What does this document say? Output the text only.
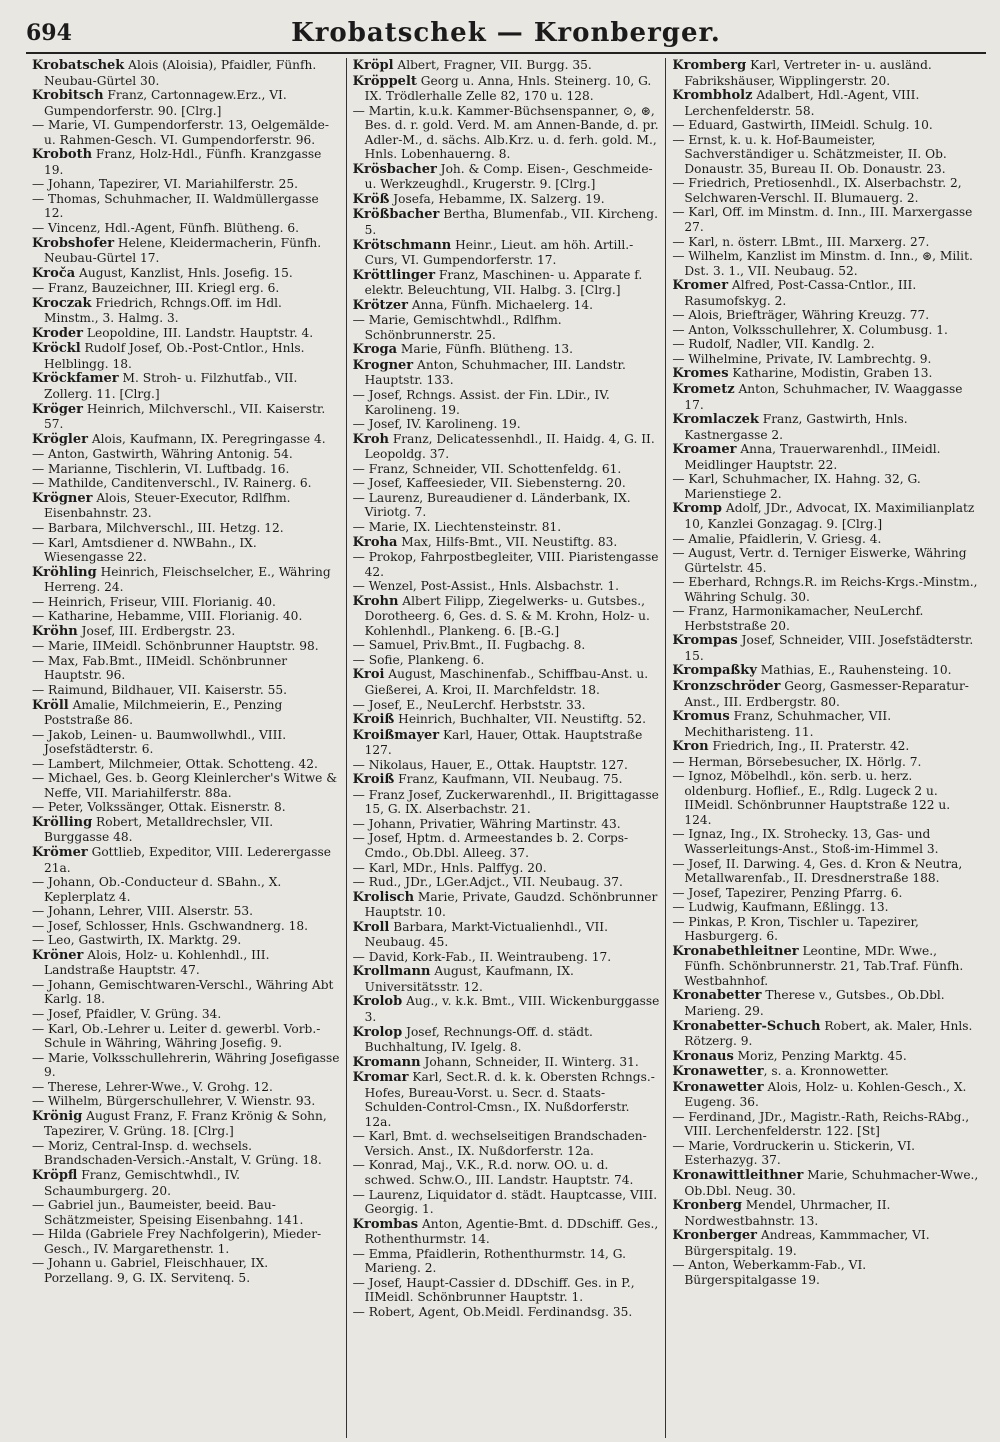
694	Krobatschek — Kronberger.

Krobatschek Alois (Aloisia), Pfaidler, Fünfh. Neubau-Gürtel 30.

Krobitsch Franz, Cartonnagew.Erz., VI. Gumpendorferstr. 90. [Clrg.]

— Marie, VI. Gumpendorferstr. 13, Oelgemälde- u. Rahmen-Gesch. VI. Gumpendorferstr. 96.

Kroboth Franz, Holz-Hdl., Fünfh. Kranzgasse 19.

— Johann, Tapezirer, VI. Mariahilferstr. 25.

— Thomas, Schuhmacher, II. Waldmüllergasse 12.

— Vincenz, Hdl.-Agent, Fünfh. Blütheng. 6.

Krobshofer Helene, Kleidermacherin, Fünfh. Neubau-Gürtel 17.

Kroča August, Kanzlist, Hnls. Josefig. 15.

— Franz, Bauzeichner, III. Kriegl erg. 6.

Kroczak Friedrich, Rchngs.Off. im Hdl. Minstm., 3. Halmg. 3.

Kroder Leopoldine, III. Landstr. Hauptstr. 4.

Kröckl Rudolf Josef, Ob.-Post-Cntlor., Hnls. Helblingg. 18.

Kröckfamer M. Stroh- u. Filzhutfab., VII. Zollerg. 11. [Clrg.]

Kröger Heinrich, Milchverschl., VII. Kaiserstr. 57.

Krögler Alois, Kaufmann, IX. Peregringasse 4.

— Anton, Gastwirth, Währing Antonig. 54.

— Marianne, Tischlerin, VI. Luftbadg. 16.

— Mathilde, Canditenverschl., IV. Rainerg. 6.

Krögner Alois, Steuer-Executor, Rdlfhm. Eisenbahnstr. 23.

— Barbara, Milchverschl., III. Hetzg. 12.

— Karl, Amtsdiener d. NWBahn., IX. Wiesengasse 22.

Kröhling Heinrich, Fleischselcher, E., Währing Herreng. 24.

— Heinrich, Friseur, VIII. Florianig. 40.

— Katharine, Hebamme, VIII. Florianig. 40.

Kröhn Josef, III. Erdbergstr. 23.

— Marie, IIMeidl. Schönbrunner Hauptstr. 98.

— Max, Fab.Bmt., IIMeidl. Schönbrunner Hauptstr. 96.

— Raimund, Bildhauer, VII. Kaiserstr. 55.

Kröll Amalie, Milchmeierin, E., Penzing Poststraße 86.

— Jakob, Leinen- u. Baumwollwhdl., VIII. Josefstädterstr. 6.

— Lambert, Milchmeier, Ottak. Schotteng. 42.

— Michael, Ges. b. Georg Kleinlercher's Witwe & Neffe, VII. Mariahilferstr. 88a.

— Peter, Volkssänger, Ottak. Eisnerstr. 8.

Krölling Robert, Metalldrechsler, VII. Burggasse 48.

Krömer Gottlieb, Expeditor, VIII. Lederergasse 21a.

— Johann, Ob.-Conducteur d. SBahn., X. Keplerplatz 4.

— Johann, Lehrer, VIII. Alserstr. 53.

— Josef, Schlosser, Hnls. Gschwandnerg. 18.

— Leo, Gastwirth, IX. Marktg. 29.

Kröner Alois, Holz- u. Kohlenhdl., III. Landstraße Hauptstr. 47.

— Johann, Gemischtwaren-Verschl., Währing Abt Karlg. 18.

— Josef, Pfaidler, V. Grüng. 34.

— Karl, Ob.-Lehrer u. Leiter d. gewerbl. Vorb.-Schule in Währing, Währing Josefig. 9.

— Marie, Volksschullehrerin, Währing Josefigasse 9.

— Therese, Lehrer-Wwe., V. Grohg. 12.

— Wilhelm, Bürgerschullehrer, V. Wienstr. 93.

Krönig August Franz, F. Franz Krönig & Sohn, Tapezirer, V. Grüng. 18. [Clrg.]

— Moriz, Central-Insp. d. wechsels. Brandschaden-Versich.-Anstalt, V. Grüng. 18.

Kröpfl Franz, Gemischtwhdl., IV. Schaumburgerg. 20.

— Gabriel jun., Baumeister, beeid. Bau-Schätzmeister, Speising Eisenbahng. 141.

— Hilda (Gabriele Frey Nachfolgerin), Mieder-Gesch., IV. Margarethenstr. 1.

— Johann u. Gabriel, Fleischhauer, IX. Porzellang. 9, G. IX. Servitenq. 5.

Kröpl Albert, Fragner, VII. Burgg. 35.

Kröppelt Georg u. Anna, Hnls. Steinerg. 10, G. IX. Trödlerhalle Zelle 82, 170 u. 128.

— Martin, k.u.k. Kammer-Büchsenspanner, ⊙, ⊛, Bes. d. r. gold. Verd. M. am Annen-Bande, d. pr. Adler-M., d. sächs. Alb.Krz. u. d. ferh. gold. M., Hnls. Lobenhauerng. 8.

Krösbacher Joh. & Comp. Eisen-, Geschmeide- u. Werkzeughdl., Krugerstr. 9. [Clrg.]

Kröß Josefa, Hebamme, IX. Salzerg. 19.

Krößbacher Bertha, Blumenfab., VII. Kircheng. 5.

Krötschmann Heinr., Lieut. am höh. Artill.-Curs, VI. Gumpendorferstr. 17.

Kröttlinger Franz, Maschinen- u. Apparate f. elektr. Beleuchtung, VII. Halbg. 3. [Clrg.]

Krötzer Anna, Fünfh. Michaelerg. 14.

— Marie, Gemischtwhdl., Rdlfhm. Schönbrunnerstr. 25.

Kroga Marie, Fünfh. Blütheng. 13.

Krogner Anton, Schuhmacher, III. Landstr. Hauptstr. 133.

— Josef, Rchngs. Assist. der Fin. LDir., IV. Karolineng. 19.

— Josef, IV. Karolineng. 19.

Kroh Franz, Delicatessenhdl., II. Haidg. 4, G. II. Leopoldg. 37.

— Franz, Schneider, VII. Schottenfeldg. 61.

— Josef, Kaffeesieder, VII. Siebensterng. 20.

— Laurenz, Bureaudiener d. Länderbank, IX. Viriotg. 7.

— Marie, IX. Liechtensteinstr. 81.

Kroha Max, Hilfs-Bmt., VII. Neustiftg. 83.

— Prokop, Fahrpostbegleiter, VIII. Piaristengasse 42.

— Wenzel, Post-Assist., Hnls. Alsbachstr. 1.

Krohn Albert Filipp, Ziegelwerks- u. Gutsbes., Dorotheerg. 6, Ges. d. S. & M. Krohn, Holz- u. Kohlenhdl., Plankeng. 6. [B.-G.]

— Samuel, Priv.Bmt., II. Fugbachg. 8.

— Sofie, Plankeng. 6.

Kroi August, Maschinenfab., Schiffbau-Anst. u. Gießerei, A. Kroi, II. Marchfeldstr. 18.

— Josef, E., NeuLerchf. Herbststr. 33.

Kroiß Heinrich, Buchhalter, VII. Neustiftg. 52.

Kroißmayer Karl, Hauer, Ottak. Hauptstraße 127.

— Nikolaus, Hauer, E., Ottak. Hauptstr. 127.

Kroiß Franz, Kaufmann, VII. Neubaug. 75.

— Franz Josef, Zuckerwarenhdl., II. Brigittagasse 15, G. IX. Alserbachstr. 21.

— Johann, Privatier, Währing Martinstr. 43.

— Josef, Hptm. d. Armeestandes b. 2. Corps-Cmdo., Ob.Dbl. Alleeg. 37.

— Karl, MDr., Hnls. Palffyg. 20.

— Rud., JDr., LGer.Adjct., VII. Neubaug. 37.

Krolisch Marie, Private, Gaudzd. Schönbrunner Hauptstr. 10.

Kroll Barbara, Markt-Victualienhdl., VII. Neubaug. 45.

— David, Kork-Fab., II. Weintraubeng. 17.

Krollmann August, Kaufmann, IX. Universitätsstr. 12.

Krolob Aug., v. k.k. Bmt., VIII. Wickenburggasse 3.

Krolop Josef, Rechnungs-Off. d. städt. Buchhaltung, IV. Igelg. 8.

Kromann Johann, Schneider, II. Winterg. 31.

Kromar Karl, Sect.R. d. k. k. Obersten Rchngs.-Hofes, Bureau-Vorst. u. Secr. d. Staats-Schulden-Control-Cmsn., IX. Nußdorferstr. 12a.

— Karl, Bmt. d. wechselseitigen Brandschaden-Versich. Anst., IX. Nußdorferstr. 12a.

— Konrad, Maj., V.K., R.d. norw. OO. u. d. schwed. Schw.O., III. Landstr. Hauptstr. 74.

— Laurenz, Liquidator d. städt. Hauptcasse, VIII. Georgig. 1.

Krombas Anton, Agentie-Bmt. d. DDschiff. Ges., Rothenthurmstr. 14.

— Emma, Pfaidlerin, Rothenthurmstr. 14, G. Marieng. 2.

— Josef, Haupt-Cassier d. DDschiff. Ges. in P., IIMeidl. Schönbrunner Hauptstr. 1.

— Robert, Agent, Ob.Meidl. Ferdinandsg. 35.

Kromberg Karl, Vertreter in- u. ausländ. Fabrikshäuser, Wipplingerstr. 20.

Krombholz Adalbert, Hdl.-Agent, VIII. Lerchenfelderstr. 58.

— Eduard, Gastwirth, IIMeidl. Schulg. 10.

— Ernst, k. u. k. Hof-Baumeister, Sachverständiger u. Schätzmeister, II. Ob. Donaustr. 35, Bureau II. Ob. Donaustr. 23.

— Friedrich, Pretiosenhdl., IX. Alserbachstr. 2, Selchwaren-Verschl. II. Blumauerg. 2.

— Karl, Off. im Minstm. d. Inn., III. Marxergasse 27.

— Karl, n. österr. LBmt., III. Marxerg. 27.

— Wilhelm, Kanzlist im Minstm. d. Inn., ⊛, Milit. Dst. 3. 1., VII. Neubaug. 52.

Kromer Alfred, Post-Cassa-Cntlor., III. Rasumofskyg. 2.

— Alois, Briefträger, Währing Kreuzg. 77.

— Anton, Volksschullehrer, X. Columbusg. 1.

— Rudolf, Nadler, VII. Kandlg. 2.

— Wilhelmine, Private, IV. Lambrechtg. 9.

Kromes Katharine, Modistin, Graben 13.

Krometz Anton, Schuhmacher, IV. Waaggasse 17.

Kromlaczek Franz, Gastwirth, Hnls. Kastnergasse 2.

Kroamer Anna, Trauerwarenhdl., IIMeidl. Meidlinger Hauptstr. 22.

— Karl, Schuhmacher, IX. Hahng. 32, G. Marienstiege 2.

Kromp Adolf, JDr., Advocat, IX. Maximilianplatz 10, Kanzlei Gonzagag. 9. [Clrg.]

— Amalie, Pfaidlerin, V. Griesg. 4.

— August, Vertr. d. Terniger Eiswerke, Währing Gürtelstr. 45.

— Eberhard, Rchngs.R. im Reichs-Krgs.-Minstm., Währing Schulg. 30.

— Franz, Harmonikamacher, NeuLerchf. Herbststraße 20.

Krompas Josef, Schneider, VIII. Josefstädterstr. 15.

Krompaßky Mathias, E., Rauhensteing. 10.

Kronzschröder Georg, Gasmesser-Reparatur-Anst., III. Erdbergstr. 80.

Kromus Franz, Schuhmacher, VII. Mechitharisteng. 11.

Kron Friedrich, Ing., II. Praterstr. 42.

— Herman, Börsebesucher, IX. Hörlg. 7.

— Ignoz, Möbelhdl., kön. serb. u. herz. oldenburg. Hoflief., E., Rdlg. Lugeck 2 u. IIMeidl. Schönbrunner Hauptstraße 122 u. 124.

— Ignaz, Ing., IX. Strohecky. 13, Gas- und Wasserleitungs-Anst., Stoß-im-Himmel 3.

— Josef, II. Darwing. 4, Ges. d. Kron & Neutra, Metallwarenfab., II. Dresdnerstraße 188.

— Josef, Tapezirer, Penzing Pfarrg. 6.

— Ludwig, Kaufmann, Eßlingg. 13.

— Pinkas, P. Kron, Tischler u. Tapezirer, Hasburgerg. 6.

Kronabethleitner Leontine, MDr. Wwe., Fünfh. Schönbrunnerstr. 21, Tab.Traf. Fünfh. Westbahnhof.

Kronabetter Therese v., Gutsbes., Ob.Dbl. Marieng. 29.

Kronabetter-Schuch Robert, ak. Maler, Hnls. Rötzerg. 9.

Kronaus Moriz, Penzing Marktg. 45.

Kronawetter, s. a. Kronnowetter.

Kronawetter Alois, Holz- u. Kohlen-Gesch., X. Eugeng. 36.

— Ferdinand, JDr., Magistr.-Rath, Reichs-RAbg., VIII. Lerchenfelderstr. 122. [St]

— Marie, Vordruckerin u. Stickerin, VI. Esterhazyg. 37.

Kronawittleithner Marie, Schuhmacher-Wwe., Ob.Dbl. Neug. 30.

Kronberg Mendel, Uhrmacher, II. Nordwestbahnstr. 13.

Kronberger Andreas, Kammmacher, VI. Bürgerspitalg. 19.

— Anton, Weberkamm-Fab., VI. Bürgerspitalgasse 19.
